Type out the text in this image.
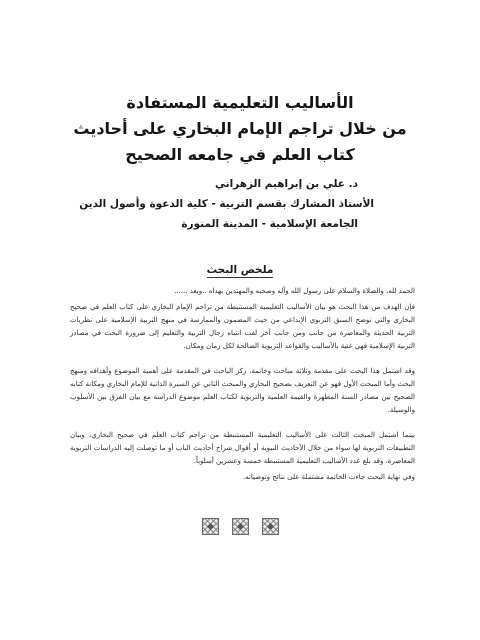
الأساليب التعليمية المستفادة
من خلال تراجم الإمام البخاري على أحاديث
كتاب العلم في جامعه الصحيح
د. علي بن إبراهيم الزهراني
الأستاذ المشارك بقسم التربية - كلية الدعوة وأصول الدين
الجامعة الإسلامية - المدينة المنورة
ملخص البحث
الحمد لله، والصلاة والسلام على رسول الله وآله وصحبه والمهتدين بهداه ..وبعد ......
فإن الهدف من هذا البحث هو بيان الأساليب التعليمية المستنبطة من تراجم الإمام البخاري على كتاب العلم في صحيح البخاري والتي توضح السبق التربوي الإبداعي من حيث المضمون والممارسة في منهج التربية الإسلامية على نظريات التربية الحديثة والمعاصرة من جانب ومن جانب آخر لفت انتباه رجال التربية والتعليم إلى ضرورة البحث في مصادر التربية الإسلامية فهي غنية بالأساليب والقواعد التربوية الصالحة لكل زمان ومكان.
وقد اشتمل هذا البحث على مقدمة وثلاثة مباحث وخاتمة، ركز الباحث في المقدمة على أهمية الموضوع وأهدافه ومنهج البحث وأما المبحث الأول فهو عن التعريف بصحيح البخاري والمبحث الثاني عن السيرة الذاتية للإمام البخاري ومكانة كتابه الصحيح بين مصادر السنة المطهرة والقيمة العلمية والتربوية لكتاب العلم موضوع الدراسة مع بيان الفرق بين الأسلوب والوسيلة.
بينما اشتمل المبحث الثالث على الأساليب التعليمية المستنبطة من تراجم كتاب العلم في صحيح البخاري، وبيان التطبيقات التربوية لها سواء من خلال الأحاديث النبوية أو أقوال شراح أحاديث الباب أو ما توصلت إليه الدراسات التربوية المعاصرة، وقد بلغ عدد الأساليب التعليمية المستنبطة خمسة وعشرين أسلوباً.
وفي نهاية البحث جاءت الخاتمة مشتملة على نتائج وتوصياته.
